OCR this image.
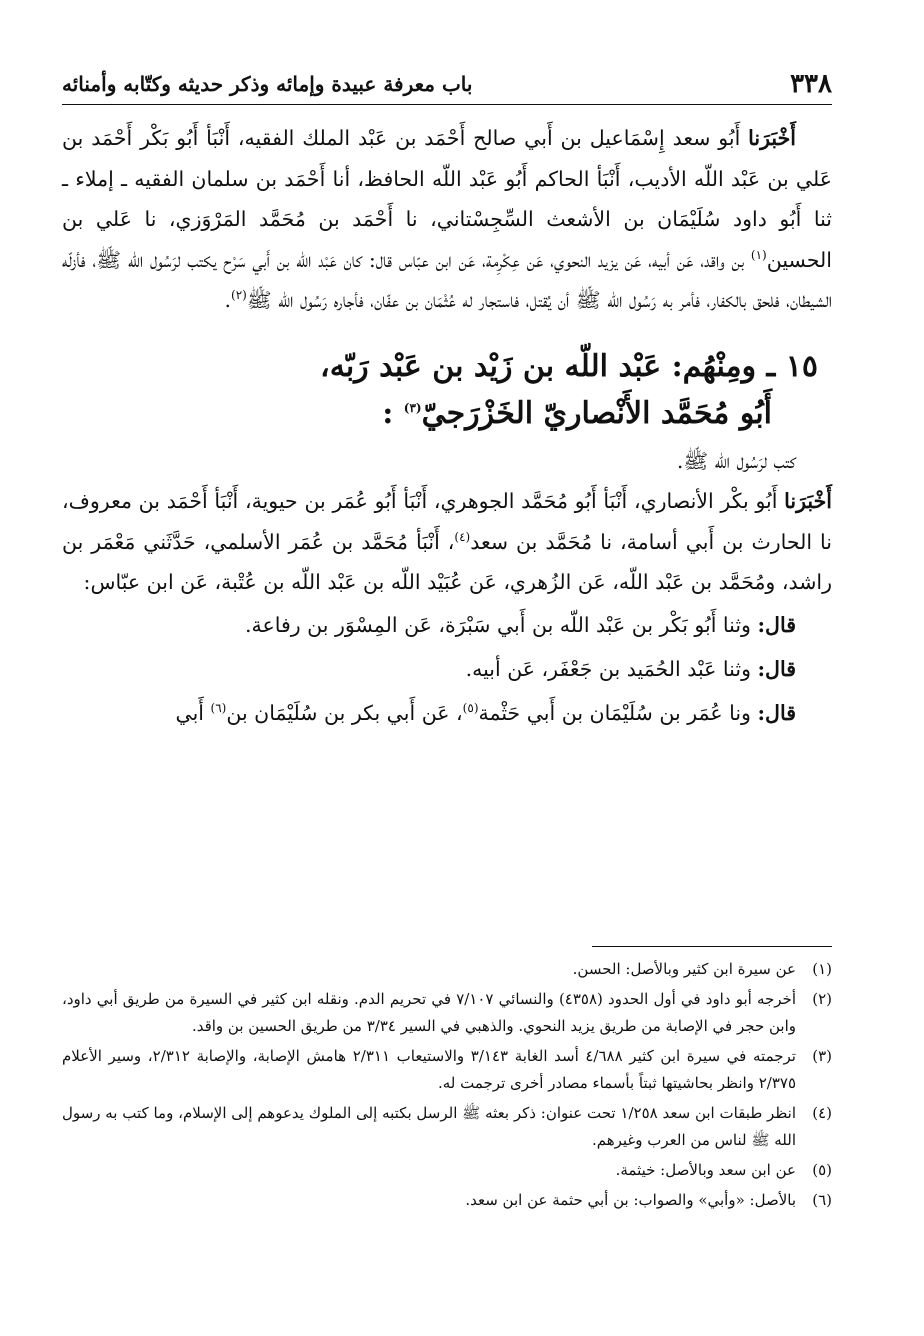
٣٣٨
باب معرفة عبيدة وإمائه وذكر حديثه وكتّابه وأمنائه

أَخْبَرَنا أَبُو سعد إِسْمَاعيل بن أَبي صالح أَحْمَد بن عَبْد الملك الفقيه، أَنْبَأ أَبُو بَكْر أَحْمَد بن عَلي بن عَبْد اللّه الأديب، أَنْبَأ الحاكم أَبُو عَبْد اللّه الحافظ، أنا أَحْمَد بن سلمان الفقيه ـ إملاء ـ ثنا أَبُو داود سُلَيْمَان بن الأشعث السِّجِسْتاني، نا أَحْمَد بن مُحَمَّد المَرْوَزي، نا عَلي بن الحسين$^{(١)}$ بن واقد، عَن أبيه، عَن يزيد النحوي، عَن عِكْرِمة، عَن ابن عبّاس قال: كان عَبْد اللّه بن أَبي سَرْح يكتب لرَسُول الله ﷺ، فأزلّه الشيطان، فلحق بالكفار، فأمر به رَسُول الله ﷺ أن يُقتل، فاستجار له عُثْمَان بن عفّان، فأجاره رَسُول الله ﷺ$^{(٢)}$.

١٥ ـ ومِنْهُم: عَبْد اللّه بن زَيْد بن عَبْد رَبّه،
أَبُو مُحَمَّد الأَنْصاريّ الخَزْرَجيّ$^{(٣)}$ :

كتب لرَسُول الله ﷺ.

أَخْبَرَنا أَبُو بكْر الأنصاري، أَنْبَأ أَبُو مُحَمَّد الجوهري، أَنْبَأ أَبُو عُمَر بن حيوية، أَنْبَأ أَحْمَد بن معروف، نا الحارث بن أَبي أسامة، نا مُحَمَّد بن سعد$^{(٤)}$، أَنْبَأ مُحَمَّد بن عُمَر الأسلمي، حَدَّثَني مَعْمَر بن راشد، ومُحَمَّد بن عَبْد اللّه، عَن الزُهري، عَن عُبَيْد اللّه بن عَبْد اللّه بن عُتْبة، عَن ابن عبّاس:

قال: وثنا أَبُو بَكْر بن عَبْد اللّه بن أَبي سَبْرَة، عَن المِسْوَر بن رفاعة.

قال: وثنا عَبْد الحُمَيد بن جَعْفَر، عَن أبيه.

قال: ونا عُمَر بن سُلَيْمَان بن أَبي حَثْمة$^{(٥)}$، عَن أَبي بكر بن سُلَيْمَان بن$^{(٦)}$ أَبي

(١)
عن سيرة ابن كثير وبالأصل: الحسن.
(٢)
أخرجه أبو داود في أول الحدود (٤٣٥٨) والنسائي ٧/١٠٧ في تحريم الدم. ونقله ابن كثير في السيرة من طريق أبي داود، وابن حجر في الإصابة من طريق يزيد النحوي. والذهبي في السير ٣/٣٤ من طريق الحسين بن واقد.
(٣)
ترجمته في سيرة ابن كثير ٤/٦٨٨ أسد الغابة ٣/١٤٣ والاستيعاب ٢/٣١١ هامش الإصابة، والإصابة ٢/٣١٢، وسير الأعلام ٢/٣٧٥ وانظر بحاشيتها ثبتاً بأسماء مصادر أخرى ترجمت له.
(٤)
انظر طبقات ابن سعد ١/٢٥٨ تحت عنوان: ذكر بعثه ﷺ الرسل بكتبه إلى الملوك يدعوهم إلى الإسلام، وما كتب به رسول الله ﷺ لناس من العرب وغيرهم.
(٥)
عن ابن سعد وبالأصل: خيثمة.
(٦)
بالأصل: «وأبي» والصواب: بن أبي حثمة عن ابن سعد.
